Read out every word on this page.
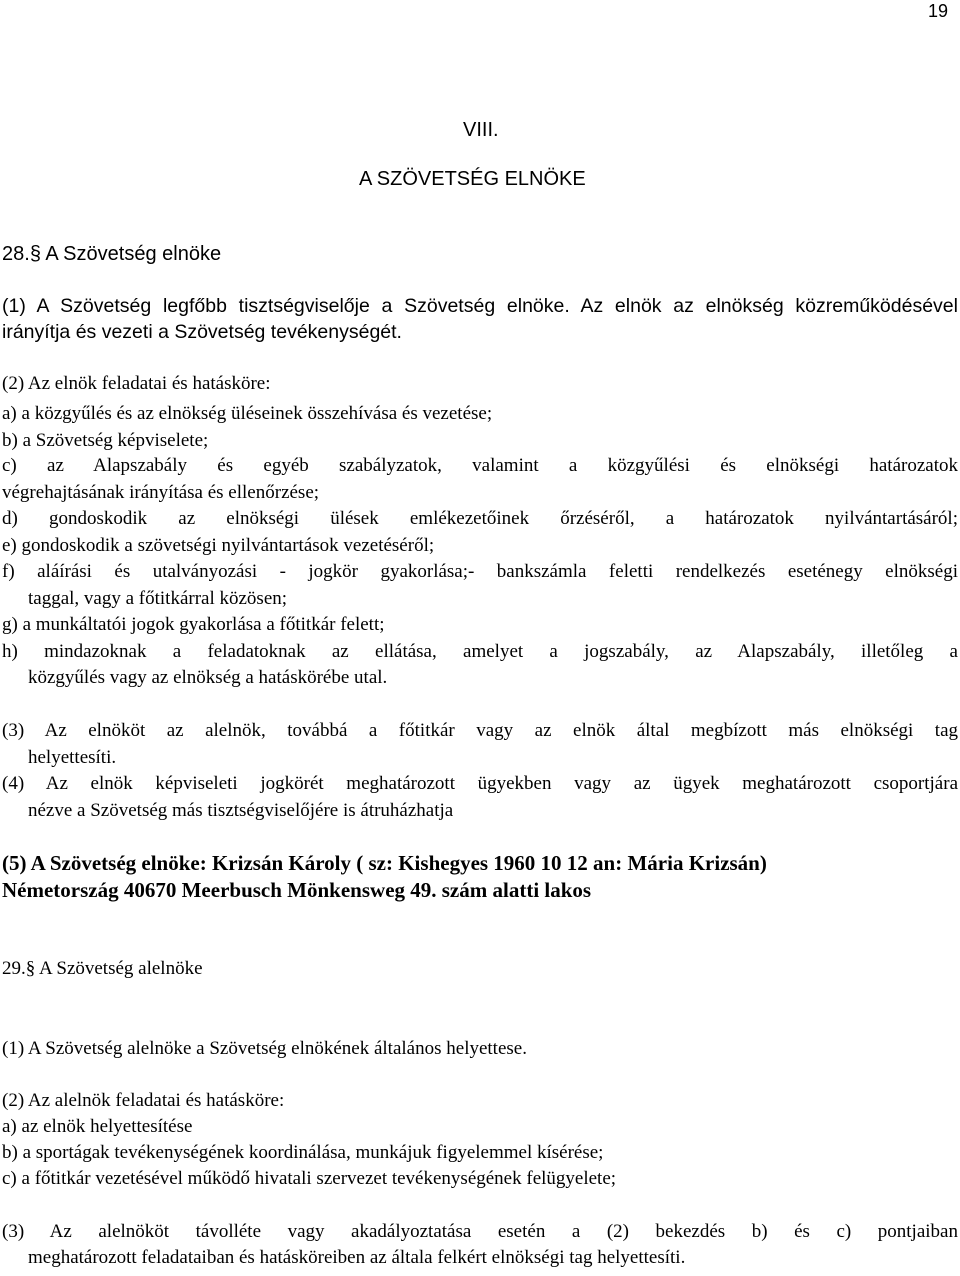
19
VIII.
A SZÖVETSÉG ELNÖKE
28.§ A Szövetség elnöke
(1) A Szövetség legfőbb tisztségviselője a Szövetség elnöke. Az elnök az elnökség közreműködésével
irányítja és vezeti a Szövetség tevékenységét.
(2) Az elnök feladatai és hatásköre:
a) a közgyűlés és az elnökség üléseinek összehívása és vezetése;
b) a Szövetség képviselete;
c) az Alapszabály és egyéb szabályzatok, valamint a közgyűlési és elnökségi határozatok
végrehajtásának irányítása és ellenőrzése;
d) gondoskodik az elnökségi ülések emlékezetőinek őrzéséről, a határozatok nyilvántartásáról;
e) gondoskodik a szövetségi nyilvántartások vezetéséről;
f) aláírási és utalványozási - jogkör gyakorlása;- bankszámla feletti rendelkezés eseténegy elnökségi
taggal, vagy a főtitkárral közösen;
g) a munkáltatói jogok gyakorlása a főtitkár felett;
h) mindazoknak a feladatoknak az ellátása, amelyet a jogszabály, az Alapszabály, illetőleg a
közgyűlés vagy az elnökség a hatáskörébe utal.
(3) Az elnököt az alelnök, továbbá a főtitkár vagy az elnök által megbízott más elnökségi tag
helyettesíti.
(4) Az elnök képviseleti jogkörét meghatározott ügyekben vagy az ügyek meghatározott csoportjára
nézve a Szövetség más tisztségviselőjére is átruházhatja
(5) A Szövetség elnöke: Krizsán Károly ( sz: Kishegyes 1960 10 12 an: Mária Krizsán)
Németország 40670 Meerbusch Mönkensweg 49. szám alatti lakos
29.§ A Szövetség alelnöke
(1) A Szövetség alelnöke a Szövetség elnökének általános helyettese.
(2) Az alelnök feladatai és hatásköre:
a) az elnök helyettesítése
b) a sportágak tevékenységének koordinálása, munkájuk figyelemmel kísérése;
c) a főtitkár vezetésével működő hivatali szervezet tevékenységének felügyelete;
(3) Az alelnököt távolléte vagy akadályoztatása esetén a (2) bekezdés b) és c) pontjaiban
meghatározott feladataiban és hatásköreiben az általa felkért elnökségi tag helyettesíti.
